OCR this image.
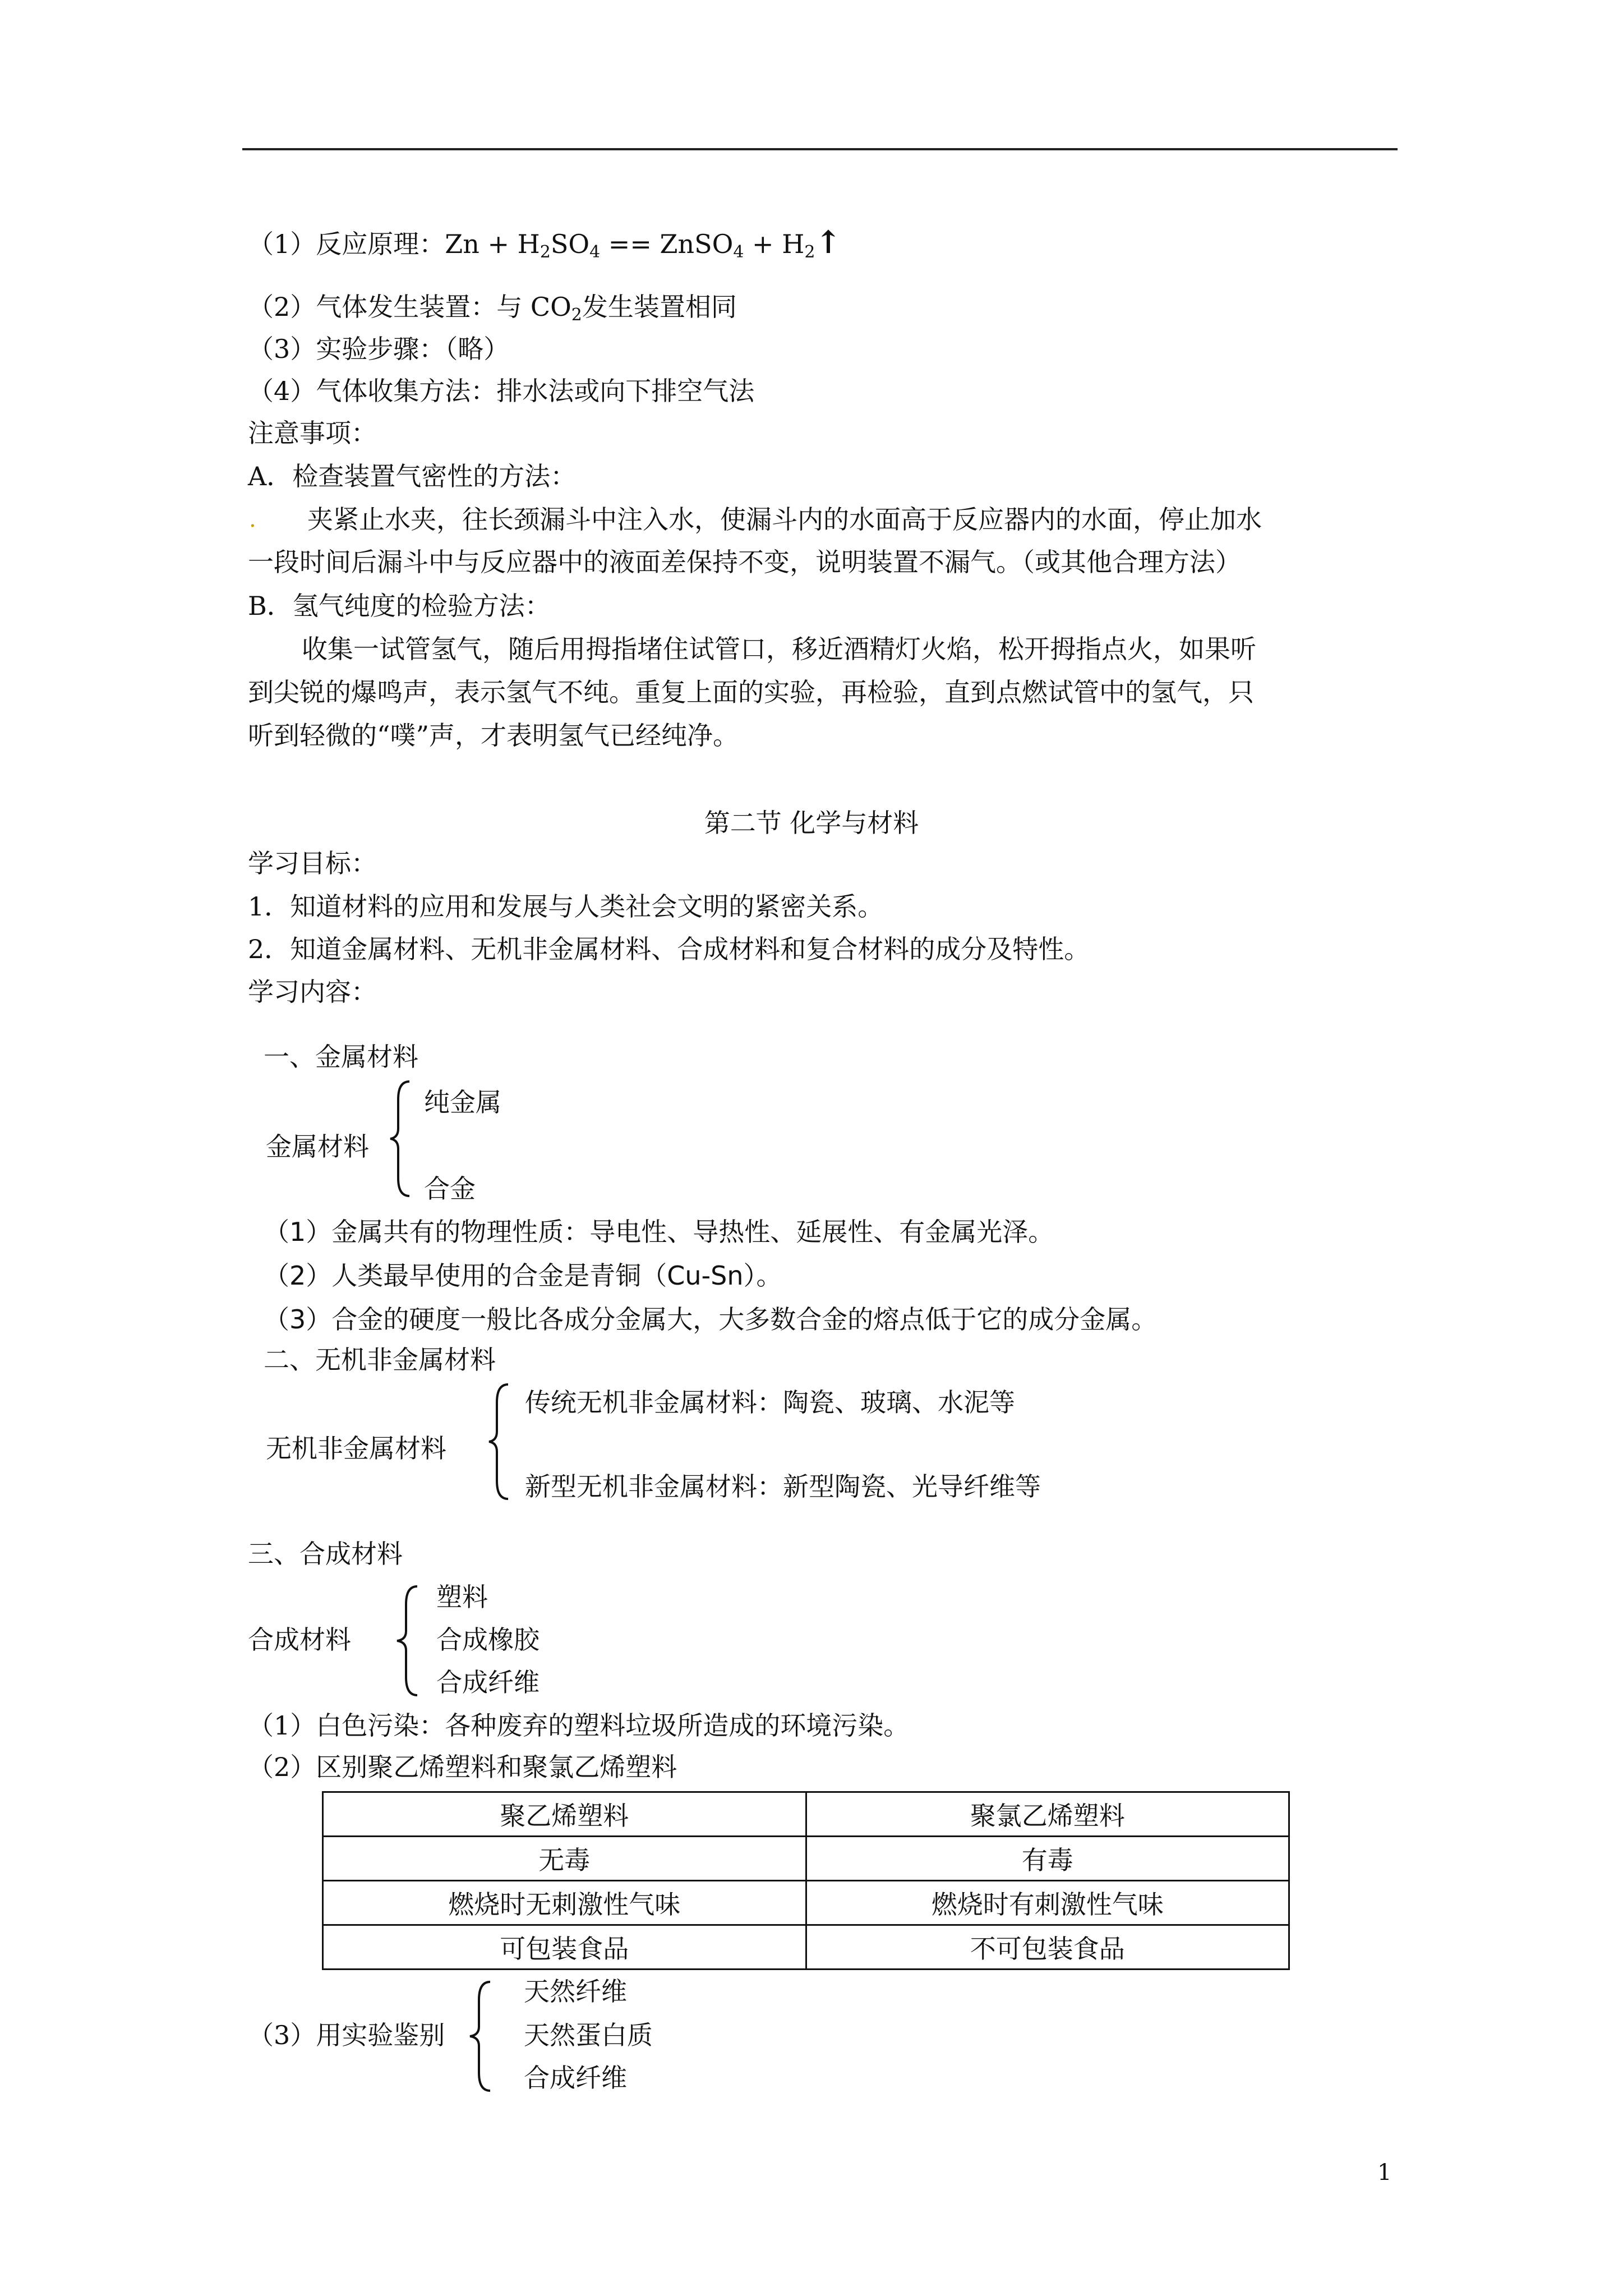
（1）反应原理：$Zn + H_2SO_4$ == ZnSO$_4$ + $H_2↑$
（2）气体发生装置：与 $CO_2$发生装置相同
（3）实验步骤：（略）
（4）气体收集方法：排水法或向下排空气法
注意事项：
A．检查装置气密性的方法：
. 夹紧止水夹，往长颈漏斗中注入水，使漏斗内的水面高于反应器内的水面，停止加水
一段时间后漏斗中与反应器中的液面差保持不变，说明装置不漏气。（或其他合理方法）
B．氢气纯度的检验方法：
收集一试管氢气，随后用拇指堵住试管口，移近酒精灯火焰，松开拇指点火，如果听
到尖锐的爆鸣声，表示氢气不纯。重复上面的实验，再检验，直到点燃试管中的氢气，只
听到轻微的“噗”声，才表明氢气已经纯净。
第二节 化学与材料
学习目标：
1．知道材料的应用和发展与人类社会文明的紧密关系。
2．知道金属材料、无机非金属材料、合成材料和复合材料的成分及特性。
学习内容：
一、金属材料
金属材料
纯金属
合金
（1）金属共有的物理性质：导电性、导热性、延展性、有金属光泽。
（2）人类最早使用的合金是青铜（Cu-Sn）。
（3）合金的硬度一般比各成分金属大，大多数合金的熔点低于它的成分金属。
二、无机非金属材料
无机非金属材料
传统无机非金属材料：陶瓷、玻璃、水泥等
新型无机非金属材料：新型陶瓷、光导纤维等
三、合成材料
合成材料
塑料
合成橡胶
合成纤维
（1）白色污染：各种废弃的塑料垃圾所造成的环境污染。
（2）区别聚乙烯塑料和聚氯乙烯塑料
聚乙烯塑料	聚氯乙烯塑料
无毒	有毒
燃烧时无刺激性气味	燃烧时有刺激性气味
可包装食品	不可包装食品
（3）用实验鉴别
天然纤维
天然蛋白质
合成纤维
1
